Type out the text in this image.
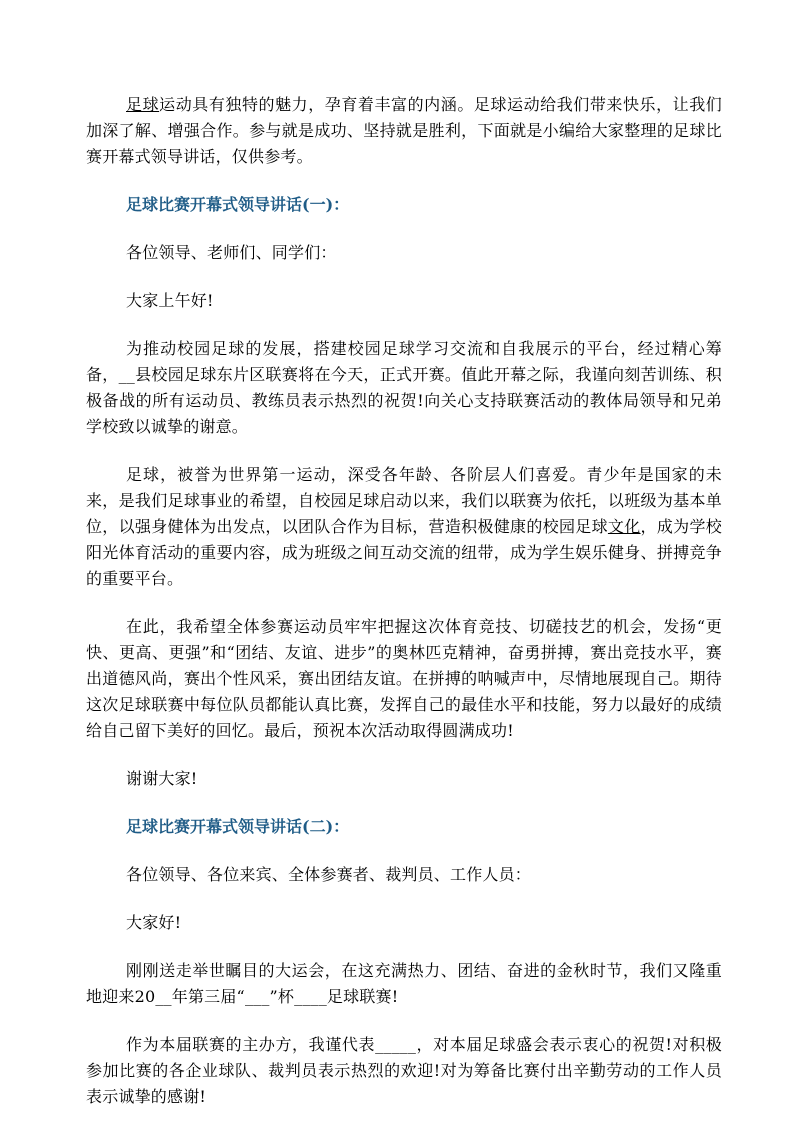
足球运动具有独特的魅力，孕育着丰富的内涵。足球运动给我们带来快乐，让我们加深了解、增强合作。参与就是成功、坚持就是胜利，下面就是小编给大家整理的足球比赛开幕式领导讲话，仅供参考。

足球比赛开幕式领导讲话(一)：

各位领导、老师们、同学们：

大家上午好!

为推动校园足球的发展，搭建校园足球学习交流和自我展示的平台，经过精心筹备，__县校园足球东片区联赛将在今天，正式开赛。值此开幕之际，我谨向刻苦训练、积极备战的所有运动员、教练员表示热烈的祝贺!向关心支持联赛活动的教体局领导和兄弟学校致以诚挚的谢意。

足球，被誉为世界第一运动，深受各年龄、各阶层人们喜爱。青少年是国家的未来，是我们足球事业的希望，自校园足球启动以来，我们以联赛为依托，以班级为基本单位，以强身健体为出发点，以团队合作为目标，营造积极健康的校园足球文化，成为学校阳光体育活动的重要内容，成为班级之间互动交流的纽带，成为学生娱乐健身、拼搏竞争的重要平台。

在此，我希望全体参赛运动员牢牢把握这次体育竞技、切磋技艺的机会，发扬“更快、更高、更强”和“团结、友谊、进步”的奥林匹克精神，奋勇拼搏，赛出竞技水平，赛出道德风尚，赛出个性风采，赛出团结友谊。在拼搏的呐喊声中，尽情地展现自己。期待这次足球联赛中每位队员都能认真比赛，发挥自己的最佳水平和技能，努力以最好的成绩给自己留下美好的回忆。最后，预祝本次活动取得圆满成功!

谢谢大家!

足球比赛开幕式领导讲话(二)：

各位领导、各位来宾、全体参赛者、裁判员、工作人员：

大家好!

刚刚送走举世瞩目的大运会，在这充满热力、团结、奋进的金秋时节，我们又隆重地迎来20__年第三届“___”杯____足球联赛!

作为本届联赛的主办方，我谨代表_____，对本届足球盛会表示衷心的祝贺!对积极参加比赛的各企业球队、裁判员表示热烈的欢迎!对为筹备比赛付出辛勤劳动的工作人员表示诚挚的感谢!
